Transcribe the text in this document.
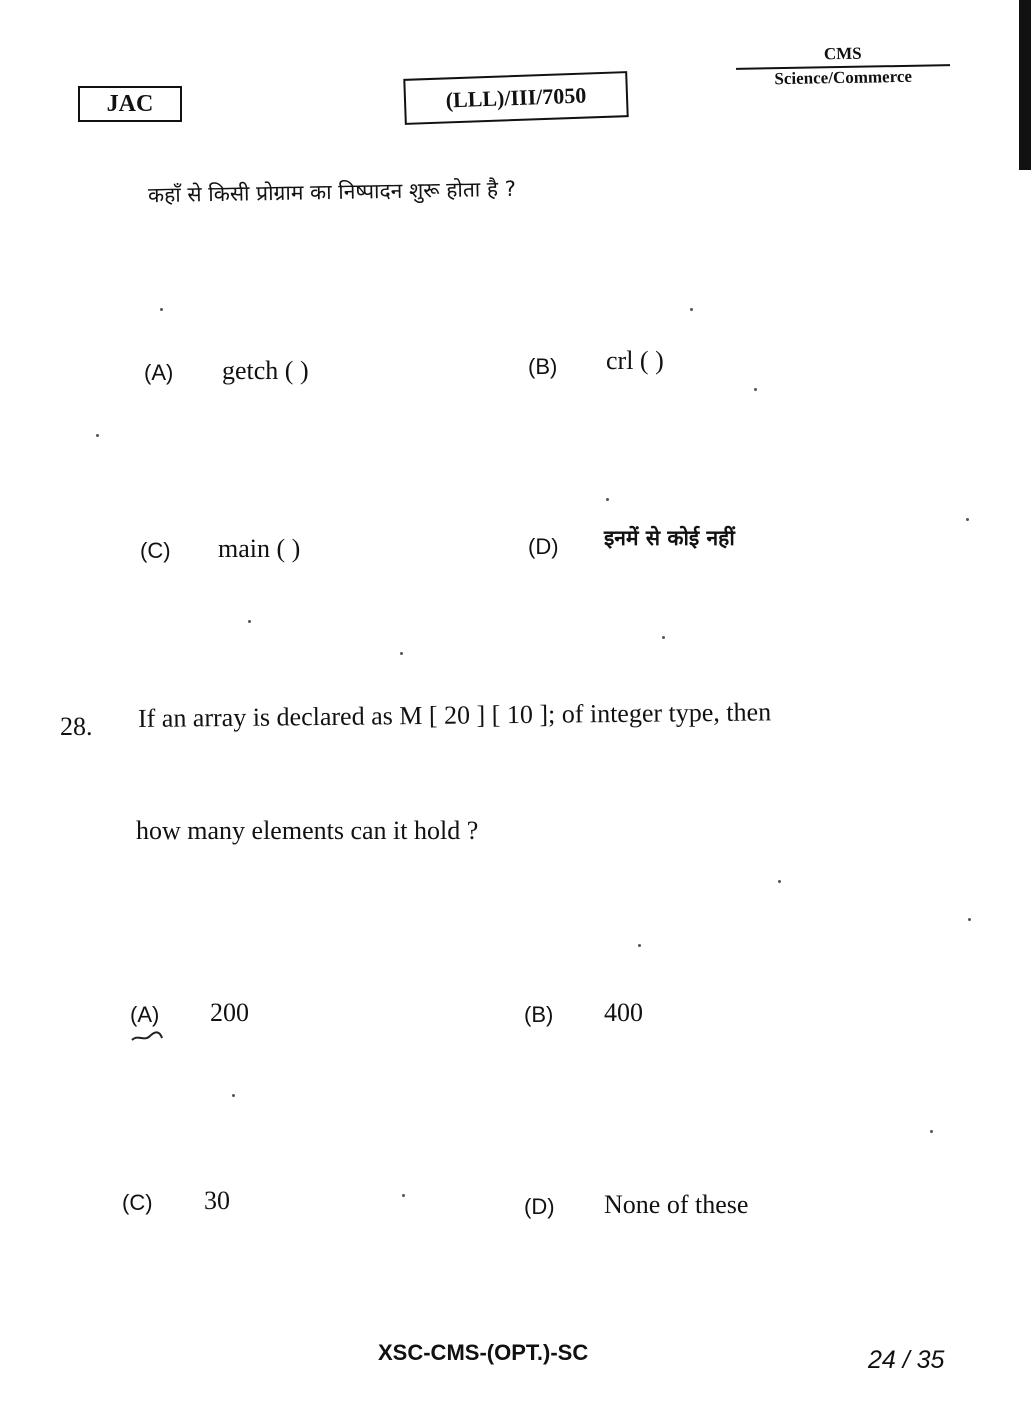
JAC	(LLL)/III/7050
CMS
Science/Commerce
कहाँ से किसी प्रोग्राम का निष्पादन शुरू होता है ?
(A) getch ( )	(B) crl ( )
(C) main ( )	(D) इनमें से कोई नहीं
28. If an array is declared as M [ 20 ] [ 10 ]; of integer type, then
how many elements can it hold ?
(A) 200	(B) 400
(C) 30	(D) None of these
XSC-CMS-(OPT.)-SC	24 / 35
